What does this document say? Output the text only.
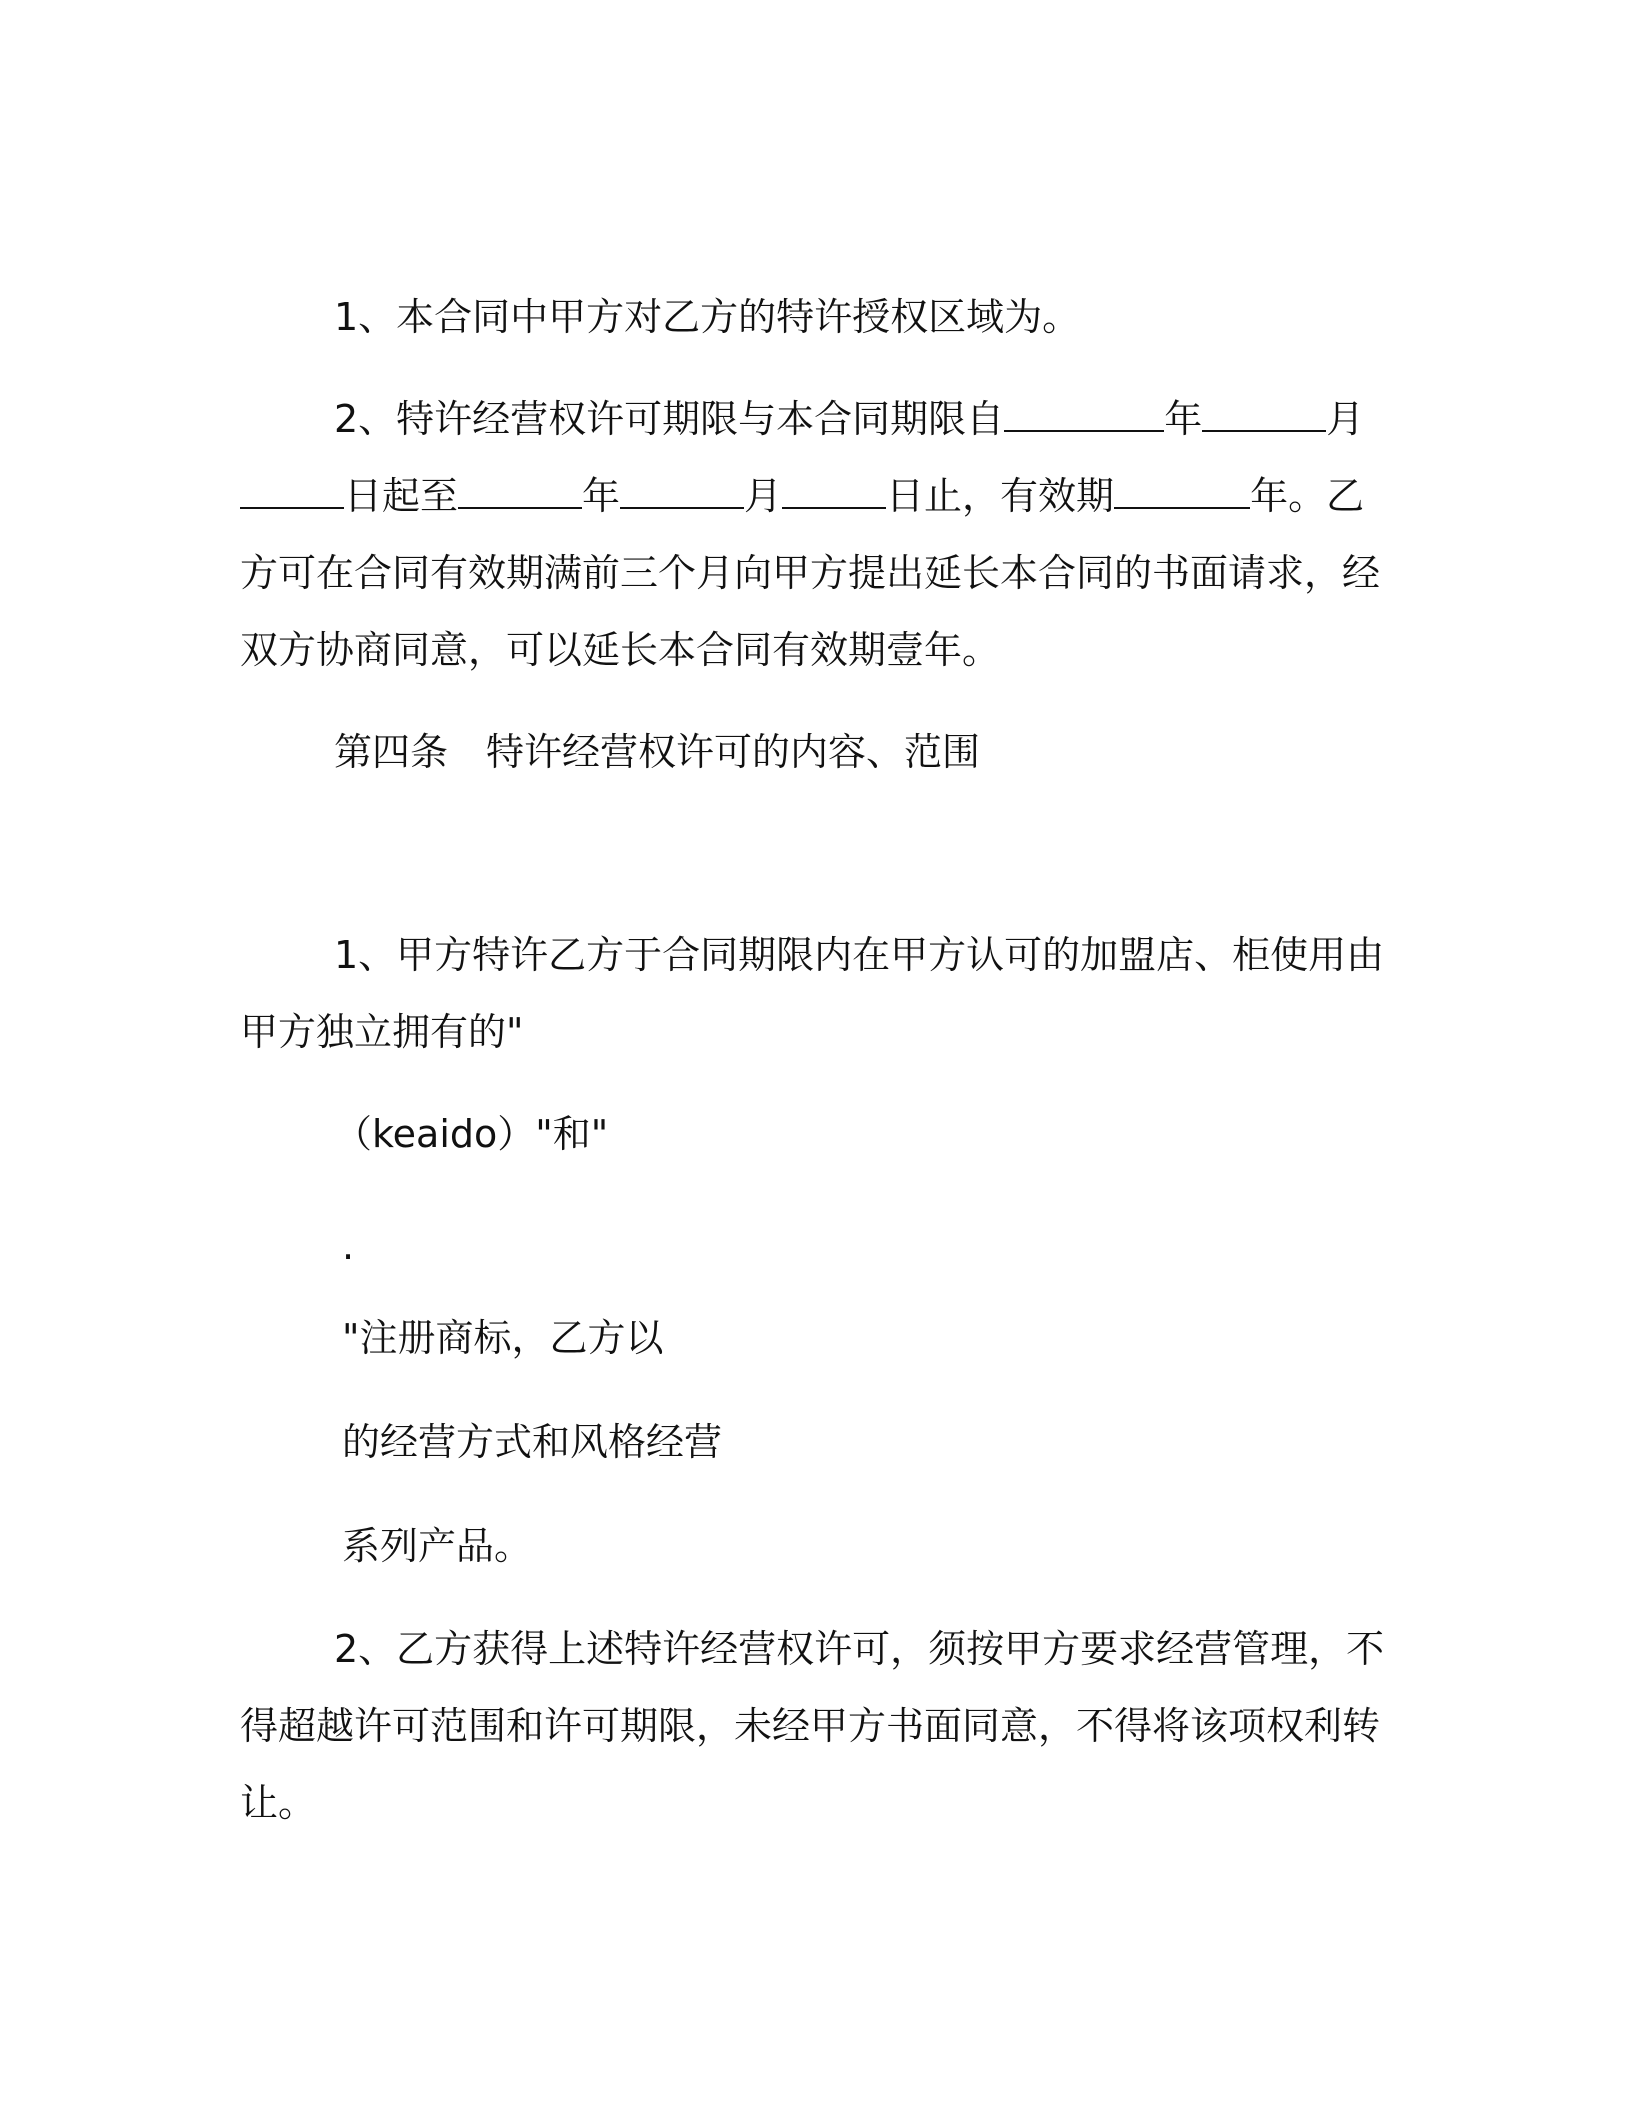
1、本合同中甲方对乙方的特许授权区域为。

2、特许经营权许可期限与本合同期限自	年	月

日起至	年	月	日止，有效期	年。乙

方可在合同有效期满前三个月向甲方提出延长本合同的书面请求，经

双方协商同意，可以延长本合同有效期壹年。

第四条　特许经营权许可的内容、范围

1、甲方特许乙方于合同期限内在甲方认可的加盟店、柜使用由

甲方独立拥有的"

（keaido）"和"

.

"注册商标，乙方以

的经营方式和风格经营

系列产品。

2、乙方获得上述特许经营权许可，须按甲方要求经营管理，不

得超越许可范围和许可期限，未经甲方书面同意，不得将该项权利转

让。
